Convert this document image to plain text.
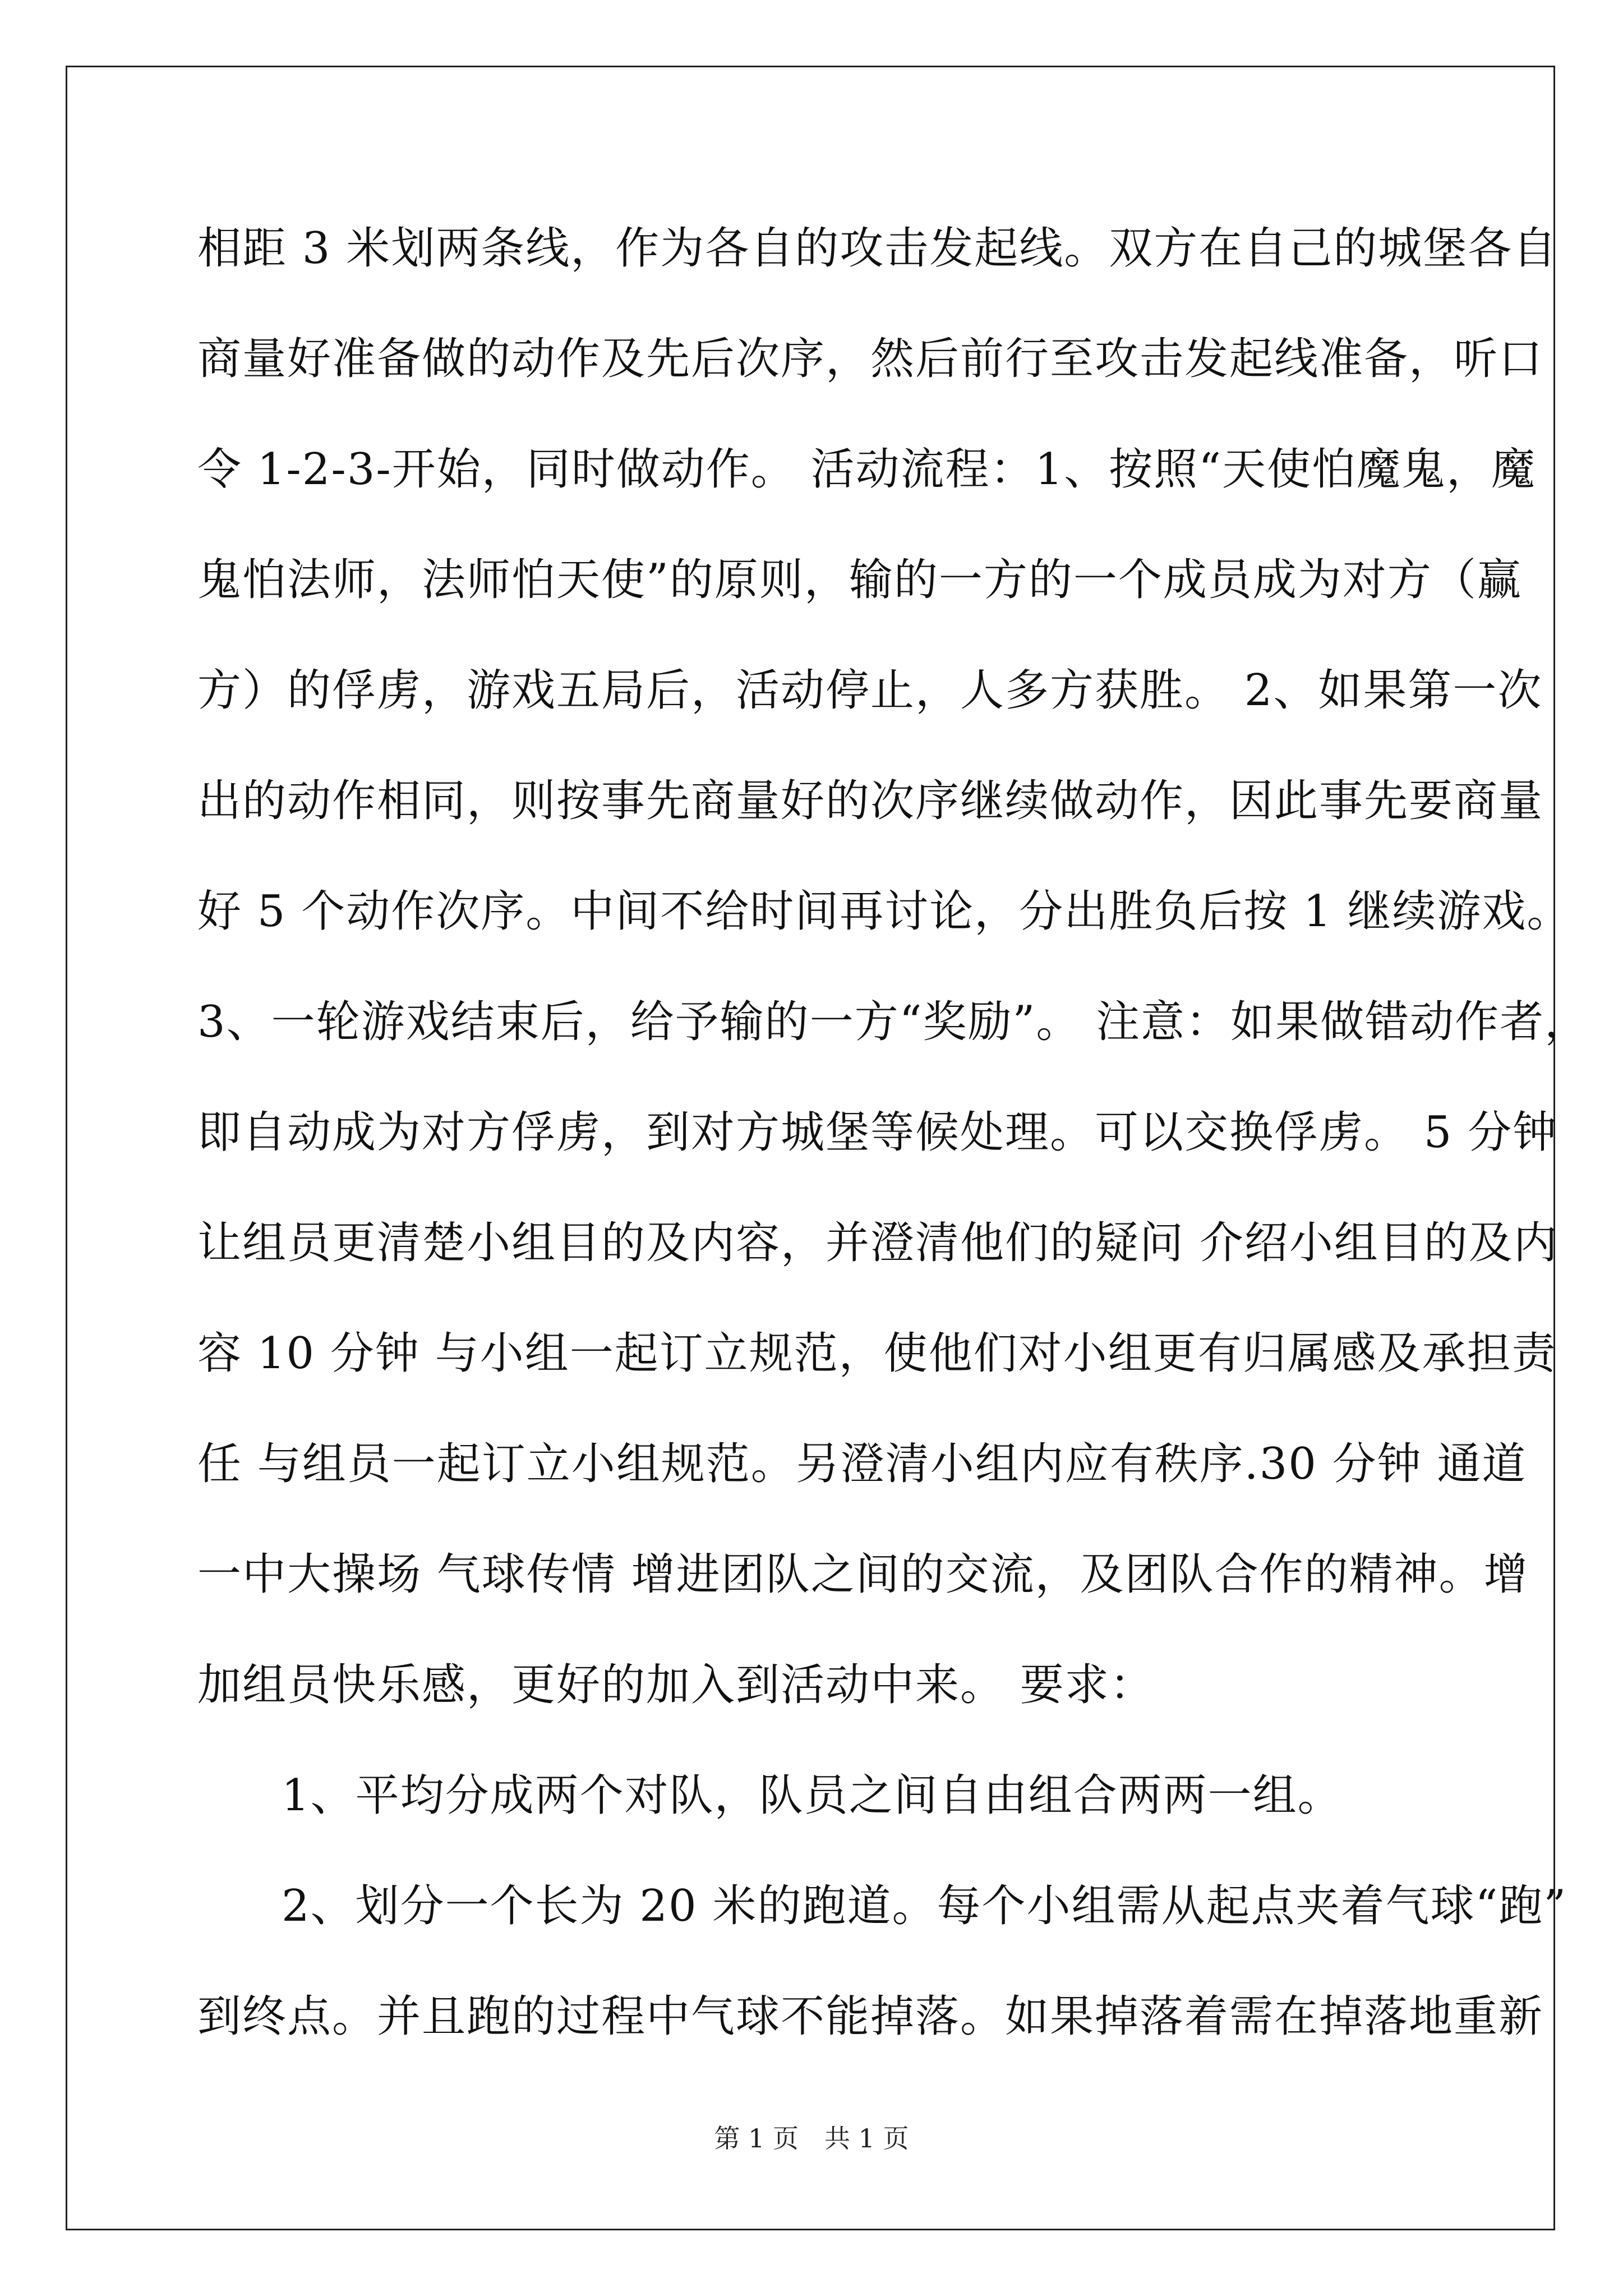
相距 3 米划两条线，作为各自的攻击发起线。双方在自己的城堡各自
商量好准备做的动作及先后次序，然后前行至攻击发起线准备，听口
令 1-2-3-开始，同时做动作。 活动流程：1、按照“天使怕魔鬼，魔
鬼怕法师，法师怕天使”的原则，输的一方的一个成员成为对方（赢
方）的俘虏，游戏五局后，活动停止，人多方获胜。 2、如果第一次
出的动作相同，则按事先商量好的次序继续做动作，因此事先要商量
好 5 个动作次序。中间不给时间再讨论，分出胜负后按 1 继续游戏。
3、一轮游戏结束后，给予输的一方“奖励”。 注意：如果做错动作者，
即自动成为对方俘虏，到对方城堡等候处理。可以交换俘虏。 5 分钟
让组员更清楚小组目的及内容，并澄清他们的疑问 介绍小组目的及内
容 10 分钟 与小组一起订立规范，使他们对小组更有归属感及承担责
任 与组员一起订立小组规范。另澄清小组内应有秩序.30 分钟 通道
一中大操场 气球传情 增进团队之间的交流，及团队合作的精神。增
加组员快乐感，更好的加入到活动中来。 要求：
1、平均分成两个对队，队员之间自由组合两两一组。
2、划分一个长为 20 米的跑道。每个小组需从起点夹着气球“跑”
到终点。并且跑的过程中气球不能掉落。如果掉落着需在掉落地重新
第 1 页　共 1 页
